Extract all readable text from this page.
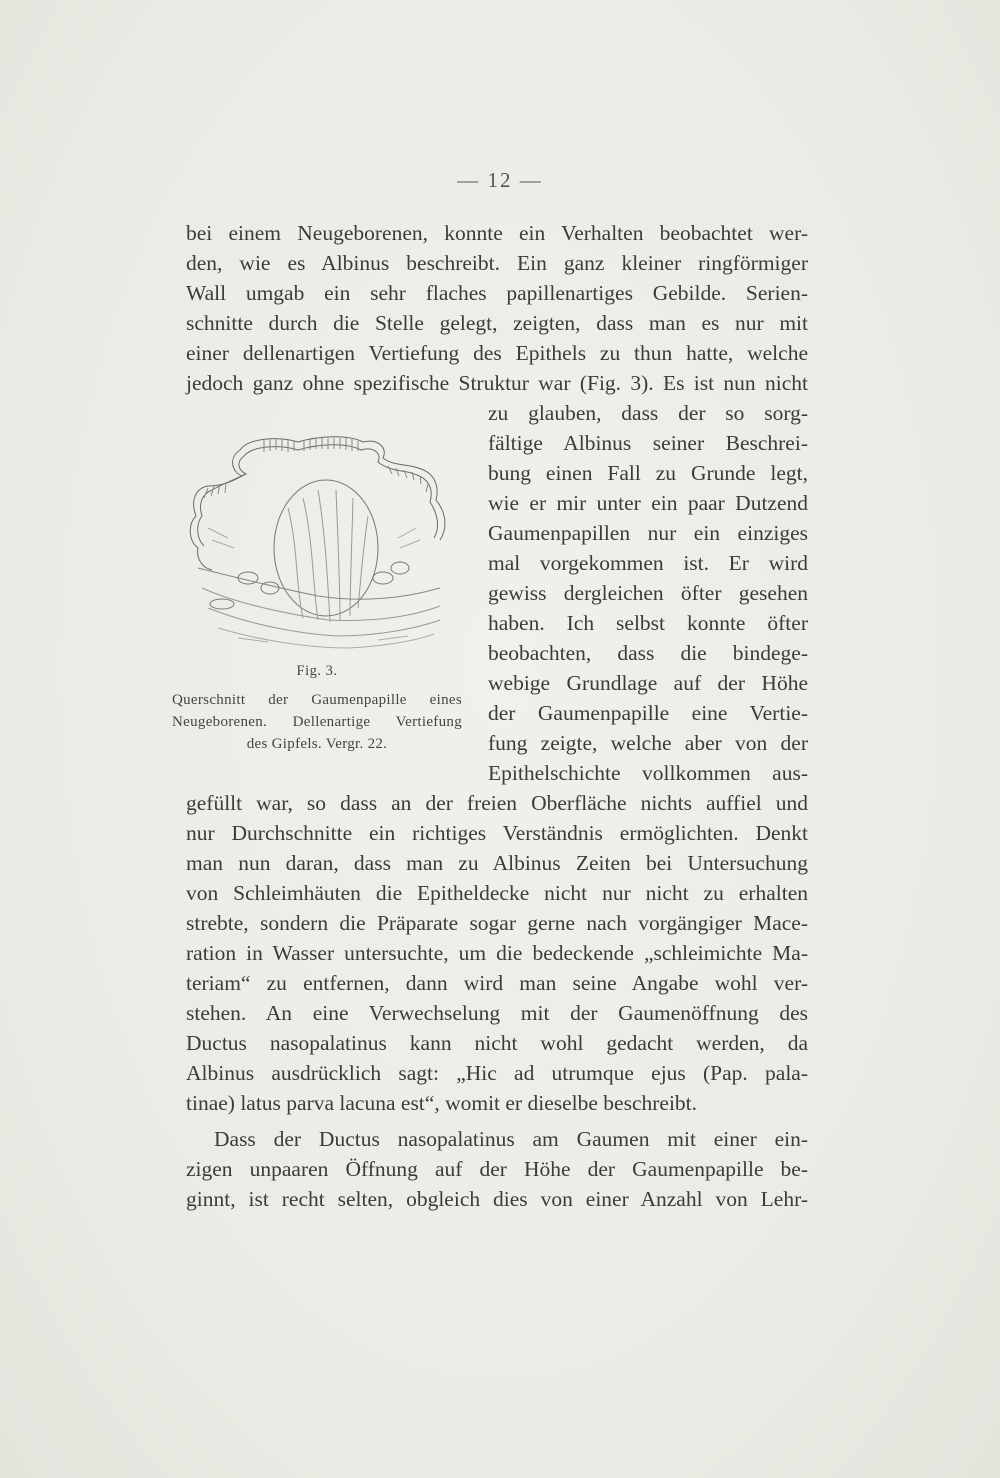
— 12 —
bei einem Neugeborenen, konnte ein Verhalten beobachtet wer-
den, wie es Albinus beschreibt. Ein ganz kleiner ringförmiger
Wall umgab ein sehr flaches papillenartiges Gebilde. Serien-
schnitte durch die Stelle gelegt, zeigten, dass man es nur mit
einer dellenartigen Vertiefung des Epithels zu thun hatte, welche
jedoch ganz ohne spezifische Struktur war (Fig. 3). Es ist nun nicht
zu glauben, dass der so sorg-
fältige Albinus seiner Beschrei-
bung einen Fall zu Grunde legt,
wie er mir unter ein paar Dutzend
Gaumenpapillen nur ein einziges
mal vorgekommen ist. Er wird
gewiss dergleichen öfter gesehen
haben. Ich selbst konnte öfter
beobachten, dass die bindege-
webige Grundlage auf der Höhe
der Gaumenpapille eine Vertie-
fung zeigte, welche aber von der
Epithelschichte vollkommen aus-
gefüllt war, so dass an der freien Oberfläche nichts auffiel und
nur Durchschnitte ein richtiges Verständnis ermöglichten. Denkt
man nun daran, dass man zu Albinus Zeiten bei Untersuchung
von Schleimhäuten die Epitheldecke nicht nur nicht zu erhalten
strebte, sondern die Präparate sogar gerne nach vorgängiger Mace-
ration in Wasser untersuchte, um die bedeckende „schleimichte Ma-
teriam“ zu entfernen, dann wird man seine Angabe wohl ver-
stehen. An eine Verwechselung mit der Gaumenöffnung des
Ductus nasopalatinus kann nicht wohl gedacht werden, da
Albinus ausdrücklich sagt: „Hic ad utrumque ejus (Pap. pala-
tinae) latus parva lacuna est“, womit er dieselbe beschreibt.
Dass der Ductus nasopalatinus am Gaumen mit einer ein-
zigen unpaaren Öffnung auf der Höhe der Gaumenpapille be-
ginnt, ist recht selten, obgleich dies von einer Anzahl von Lehr-
Fig. 3.
Querschnitt der Gaumenpapille eines
Neugeborenen. Dellenartige Vertiefung
des Gipfels. Vergr. 22.
